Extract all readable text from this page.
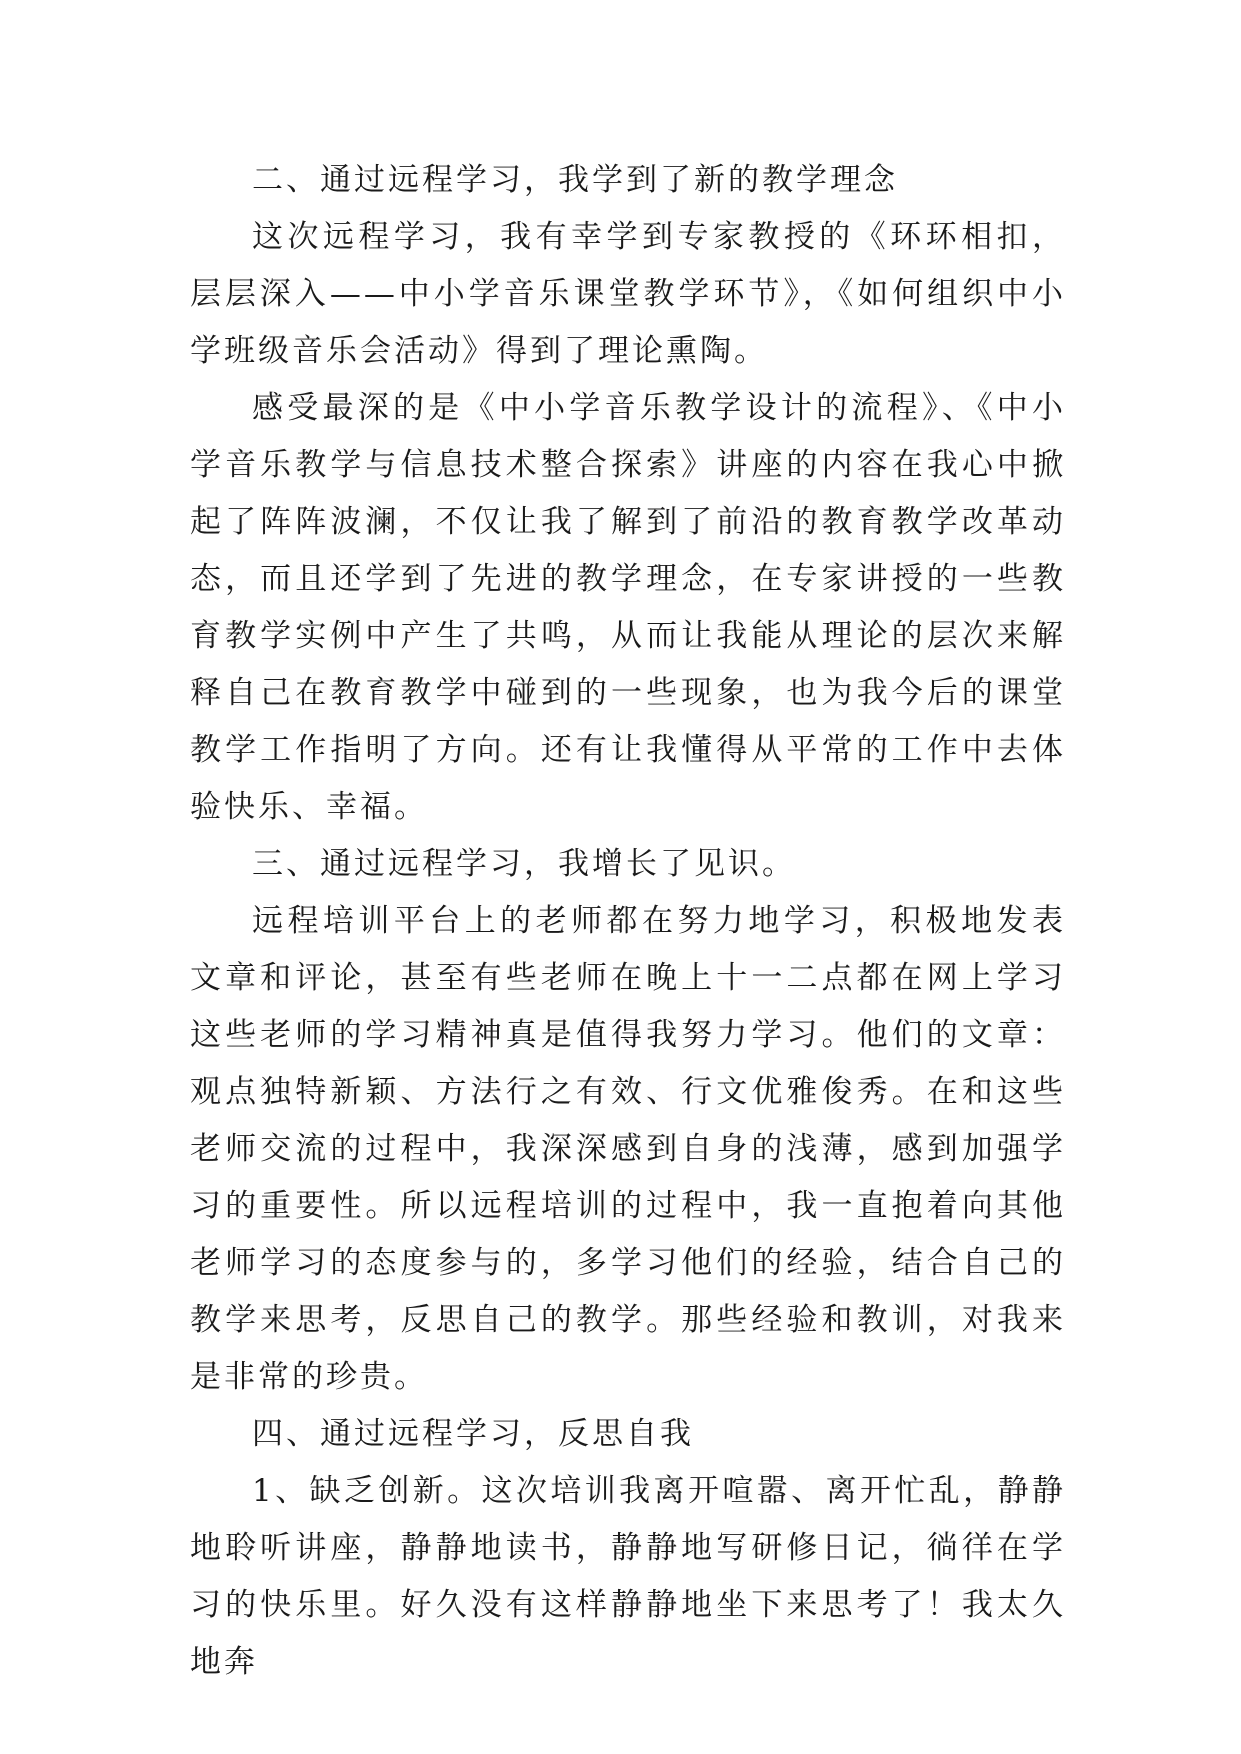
二、通过远程学习，我学到了新的教学理念

这次远程学习，我有幸学到专家教授的《环环相扣，层层深入——中小学音乐课堂教学环节》，《如何组织中小学班级音乐会活动》得到了理论熏陶。

感受最深的是《中小学音乐教学设计的流程》、《中小学音乐教学与信息技术整合探索》讲座的内容在我心中掀起了阵阵波澜，不仅让我了解到了前沿的教育教学改革动态，而且还学到了先进的教学理念，在专家讲授的一些教育教学实例中产生了共鸣，从而让我能从理论的层次来解释自己在教育教学中碰到的一些现象，也为我今后的课堂教学工作指明了方向。还有让我懂得从平常的工作中去体验快乐、幸福。

三、通过远程学习，我增长了见识。

远程培训平台上的老师都在努力地学习，积极地发表文章和评论，甚至有些老师在晚上十一二点都在网上学习这些老师的学习精神真是值得我努力学习。他们的文章：观点独特新颖、方法行之有效、行文优雅俊秀。在和这些老师交流的过程中，我深深感到自身的浅薄，感到加强学习的重要性。所以远程培训的过程中，我一直抱着向其他老师学习的态度参与的，多学习他们的经验，结合自己的教学来思考，反思自己的教学。那些经验和教训，对我来是非常的珍贵。

四、通过远程学习，反思自我

1、缺乏创新。这次培训我离开喧嚣、离开忙乱，静静地聆听讲座，静静地读书，静静地写研修日记，徜徉在学习的快乐里。好久没有这样静静地坐下来思考了！我太久地奔
